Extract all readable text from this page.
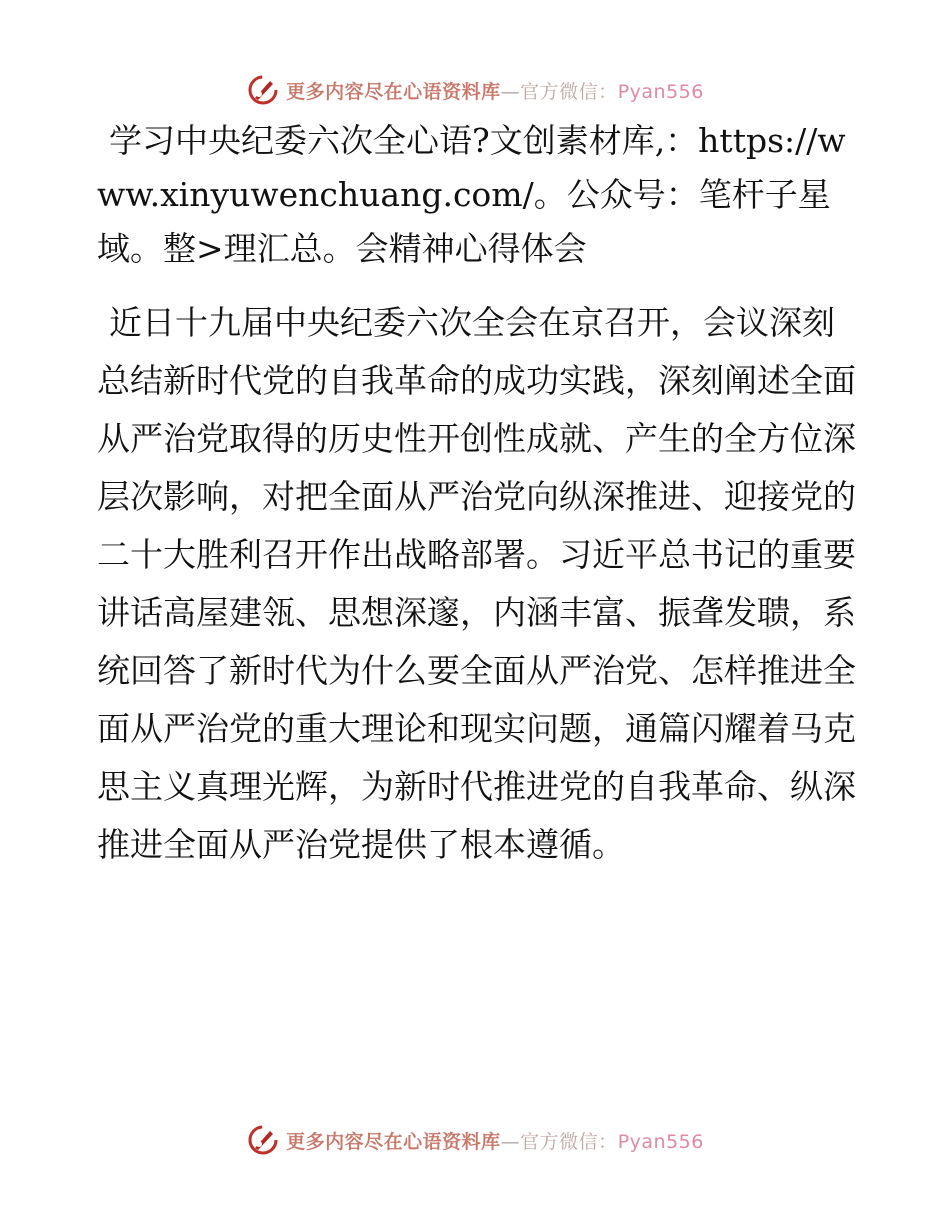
更多内容尽在心语资料库—官方微信：Pyan556

学习中央纪委六次全心语?文创素材库,：https://www.xinyuwenchuang.com/。公众号：笔杆子星域。整>理汇总。会精神心得体会

近日十九届中央纪委六次全会在京召开，会议深刻总结新时代党的自我革命的成功实践，深刻阐述全面从严治党取得的历史性开创性成就、产生的全方位深层次影响，对把全面从严治党向纵深推进、迎接党的二十大胜利召开作出战略部署。习近平总书记的重要讲话高屋建瓴、思想深邃，内涵丰富、振聋发聩，系统回答了新时代为什么要全面从严治党、怎样推进全面从严治党的重大理论和现实问题，通篇闪耀着马克思主义真理光辉，为新时代推进党的自我革命、纵深推进全面从严治党提供了根本遵循。

更多内容尽在心语资料库—官方微信：Pyan556
